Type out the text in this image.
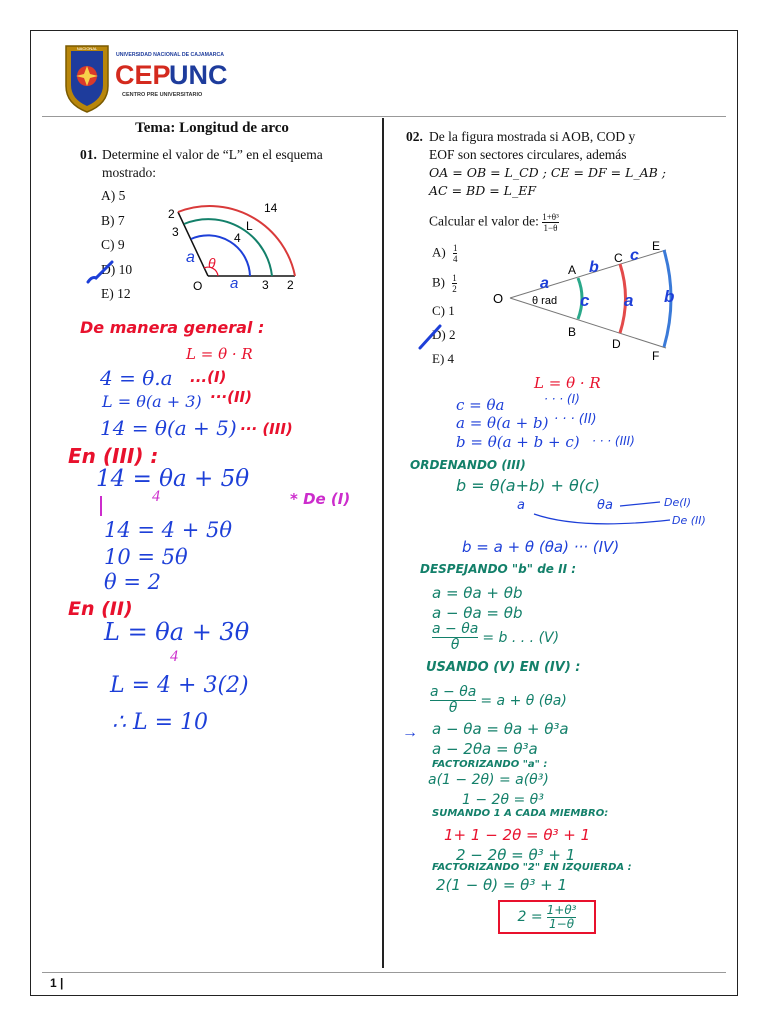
NACIONAL
UNIVERSIDAD NACIONAL DE CAJAMARCA
CEP
UNC
CENTRO PRE UNIVERSITARIO
Tema: Longitud de arco
01. Determine el valor de “L” en el esquema mostrado:
A) 5
B) 7
C) 9
D) 10
E) 12
2
3
14
L
4
a θ
O a 3 2
De manera general :
L = θ · R
4 = θ.a ...(I)
L = θ(a + 3) ···(II)
14 = θ(a + 5) ··· (III)
En (III) :
14 = θa + 5θ
4	* De (I)
14 = 4 + 5θ
10 = 5θ
θ = 2
En (II)
L = θa + 3θ
4
L = 4 + 3(2)
∴ L = 10
02. De la figura mostrada si AOB, COD y
EOF son sectores circulares, además
OA = OB = L_CD ; CE = DF = L_AB ;
AC = BD = L_EF
Calcular el valor de: $\frac{\text{1+θ³}}{1-\theta}$
$A) \frac{1}{4}$
$B) \frac{1}{2}$
C) 1
D) 2
E) 4
O
A
B
C
D
E
F
θ rad
a
b
c
c a b
L = θ · R
c = θa	· · · (I)
a = θ(a + b) · · · (II)
b = θ(a + b + c) · · · (III)
ORDENANDO (III)
b = θ(a+b) + θ(c)
a	θa	De(I)
De (II)
b = a + θ (θa) ··· (IV)
DESPEJANDO "b" de II :
a = θa + θb
a − θa = θb
$\frac{a - \theta a}{\theta} = b$ . . . (V)
USANDO (V) EN (IV) :
$\frac{a - \theta a}{\theta} = a + \theta$ (θa)
→ a − θa = θa + θ³a
a − 2θa = θ³a
FACTORIZANDO "a" :
a(1 − 2θ) = a(θ³)
1 − 2θ = θ³
SUMANDO 1 A CADA MIEMBRO:
1+ 1 − 2θ = θ³ + 1
2 − 2θ = θ³ + 1
FACTORIZANDO "2" EN IZQUIERDA :
2(1 − θ) = θ³ + 1
$2 = \frac{\text{1+θ³}}{1-\theta}$
1 |
